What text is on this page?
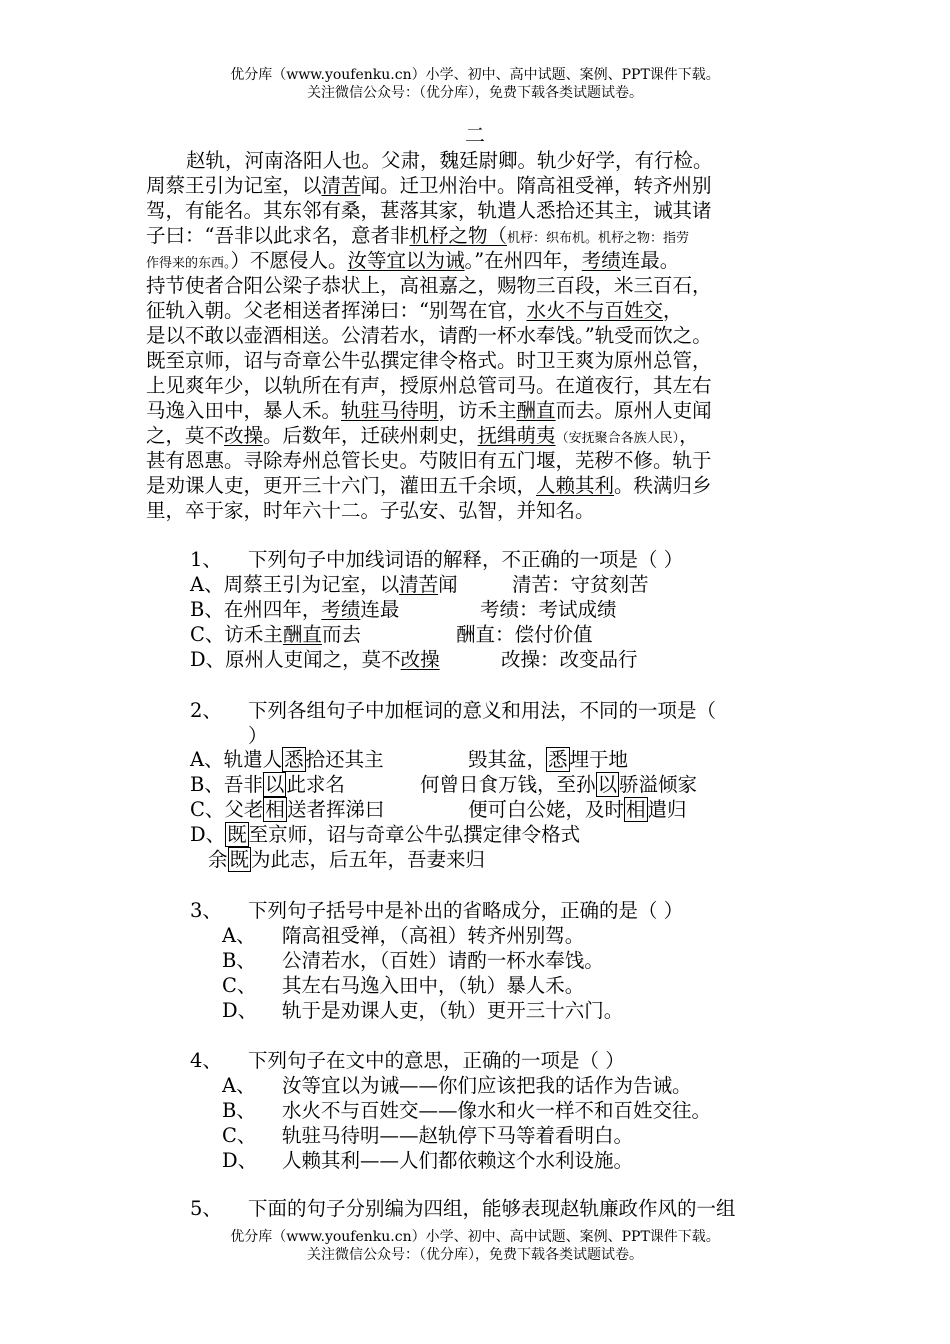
优分库（www.youfenku.cn）小学、初中、高中试题、案例、PPT课件下载。
关注微信公众号：（优分库），免费下载各类试题试卷。
二
赵轨，河南洛阳人也。父肃，魏廷尉卿。轨少好学，有行检。
周蔡王引为记室，以清苦闻。迁卫州治中。隋高祖受禅，转齐州别
驾，有能名。其东邻有桑，葚落其家，轨遣人悉拾还其主，诫其诸
子曰：“吾非以此求名，意者非机杼之物（机杼：织布机。机杼之物：指劳
作得来的东西。）不愿侵人。汝等宜以为诫。”在州四年，考绩连最。
持节使者合阳公梁子恭状上，高祖嘉之，赐物三百段，米三百石，
征轨入朝。父老相送者挥涕曰：“别驾在官，水火不与百姓交，
是以不敢以壶酒相送。公清若水，请酌一杯水奉饯。”轨受而饮之。
既至京师，诏与奇章公牛弘撰定律令格式。时卫王爽为原州总管，
上见爽年少，以轨所在有声，授原州总管司马。在道夜行，其左右
马逸入田中，暴人禾。轨驻马待明，访禾主酬直而去。原州人吏闻
之，莫不改操。后数年，迁硖州刺史，抚缉萌夷（安抚聚合各族人民），
甚有恩惠。寻除寿州总管长史。芍陂旧有五门堰，芜秽不修。轨于
是劝课人吏，更开三十六门，灌田五千余顷，人赖其利。秩满归乡
里，卒于家，时年六十二。子弘安、弘智，并知名。
1、 下列句子中加线词语的解释，不正确的一项是（ ）
A、周蔡王引为记室，以清苦闻	清苦：守贫刻苦
B、在州四年，考绩连最	考绩：考试成绩
C、访禾主酬直而去	酬直：偿付价值
D、原州人吏闻之，莫不改操	改操：改变品行
2、 下列各组句子中加框词的意义和用法，不同的一项是（
）
A、轨遣人 悉 拾还其主	毁其盆， 悉 埋于地
B、吾非 以 此求名	何曾日食万钱，至孙 以 骄溢倾家
C、父老 相 送者挥涕曰	便可白公姥，及时 相 遣归
D、 既 至京师，诏与奇章公牛弘撰定律令格式
余 既 为此志，后五年，吾妻来归
3、 下列句子括号中是补出的省略成分，正确的是（ ）
A、 隋高祖受禅，（高祖）转齐州别驾。
B、 公清若水，（百姓）请酌一杯水奉饯。
C、 其左右马逸入田中，（轨）暴人禾。
D、 轨于是劝课人吏，（轨）更开三十六门。
4、 下列句子在文中的意思，正确的一项是（ ）
A、 汝等宜以为诫——你们应该把我的话作为告诫。
B、 水火不与百姓交——像水和火一样不和百姓交往。
C、 轨驻马待明——赵轨停下马等着看明白。
D、 人赖其利——人们都依赖这个水利设施。
5、 下面的句子分别编为四组，能够表现赵轨廉政作风的一组
优分库（www.youfenku.cn）小学、初中、高中试题、案例、PPT课件下载。
关注微信公众号：（优分库），免费下载各类试题试卷。
